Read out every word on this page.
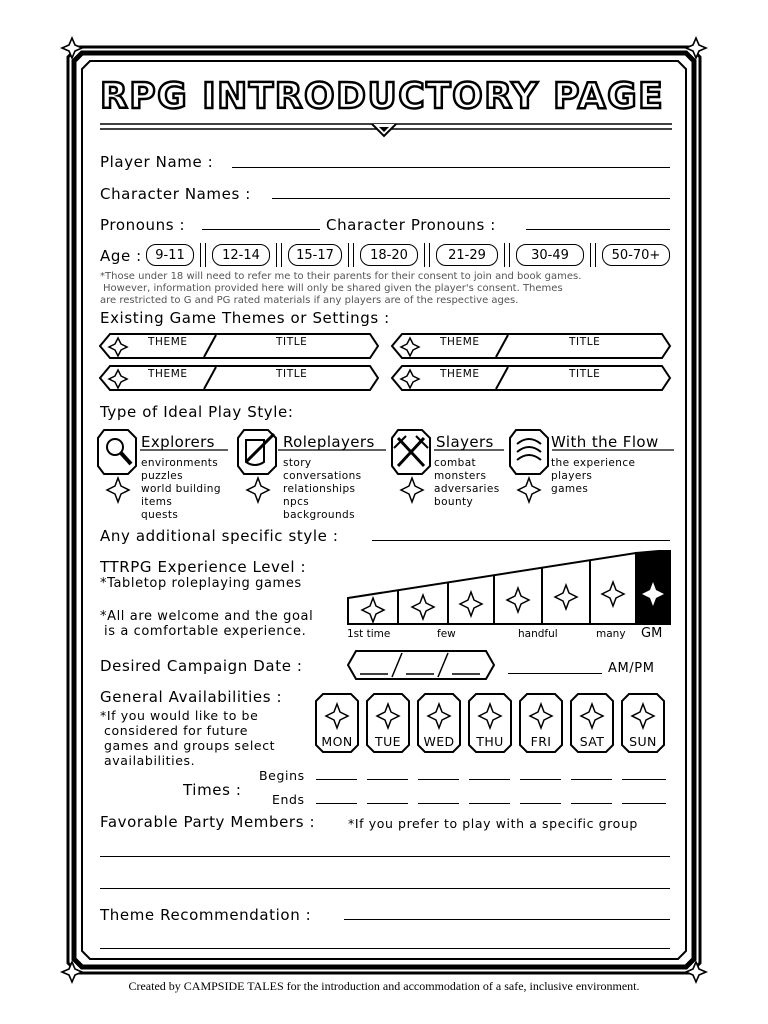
RPG INTRODUCTORY PAGE
Player Name :
Character Names :
Pronouns :	Character Pronouns :
Age :	9-11	12-14	15-17	18-20	21-29	30-49	50-70+
*Those under 18 will need to refer me to their parents for their consent to join and book games.
However, information provided here will only be shared given the player's consent. Themes
are restricted to G and PG rated materials if any players are of the respective ages.
Existing Game Themes or Settings :
THEME	TITLE
THEME	TITLE
THEME	TITLE
THEME	TITLE
Type of Ideal Play Style:
Explorers
environments
puzzles
world building
items
quests
Roleplayers
story
conversations
relationships
npcs
backgrounds
Slayers
combat
monsters
adversaries
bounty
With the Flow
the experience
players
games
Any additional specific style :
TTRPG Experience Level :
*Tabletop roleplaying games
*All are welcome and the goal
is a comfortable experience.	1st time	few	handful	many GM
Desired Campaign Date :	AM/PM
General Availabilities :
*If you would like to be
considered for future
games and groups select
availabilities.
MON	TUE	WED	THU	FRI	SAT	SUN
Times :
Begins
Ends
Favorable Party Members :	*If you prefer to play with a specific group
Theme Recommendation :
Created by CAMPSIDE TALES for the introduction and accommodation of a safe, inclusive environment.
